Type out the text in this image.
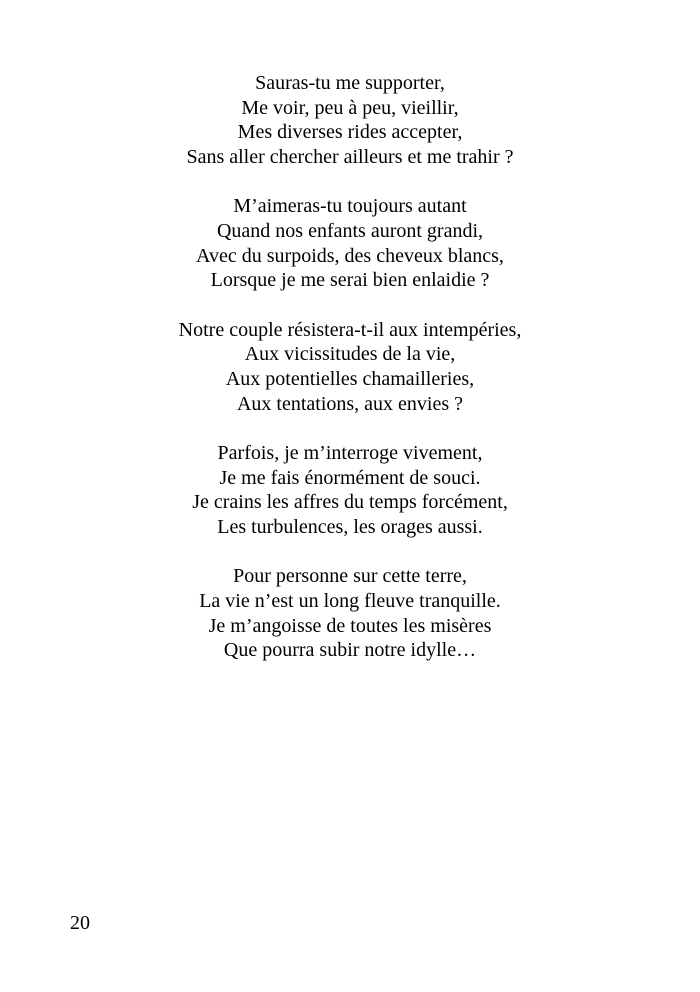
Sauras-tu me supporter,
Me voir, peu à peu, vieillir,
Mes diverses rides accepter,
Sans aller chercher ailleurs et me trahir ?
M’aimeras-tu toujours autant
Quand nos enfants auront grandi,
Avec du surpoids, des cheveux blancs,
Lorsque je me serai bien enlaidie ?
Notre couple résistera-t-il aux intempéries,
Aux vicissitudes de la vie,
Aux potentielles chamailleries,
Aux tentations, aux envies ?
Parfois, je m’interroge vivement,
Je me fais énormément de souci.
Je crains les affres du temps forcément,
Les turbulences, les orages aussi.
Pour personne sur cette terre,
La vie n’est un long fleuve tranquille.
Je m’angoisse de toutes les misères
Que pourra subir notre idylle…
20
